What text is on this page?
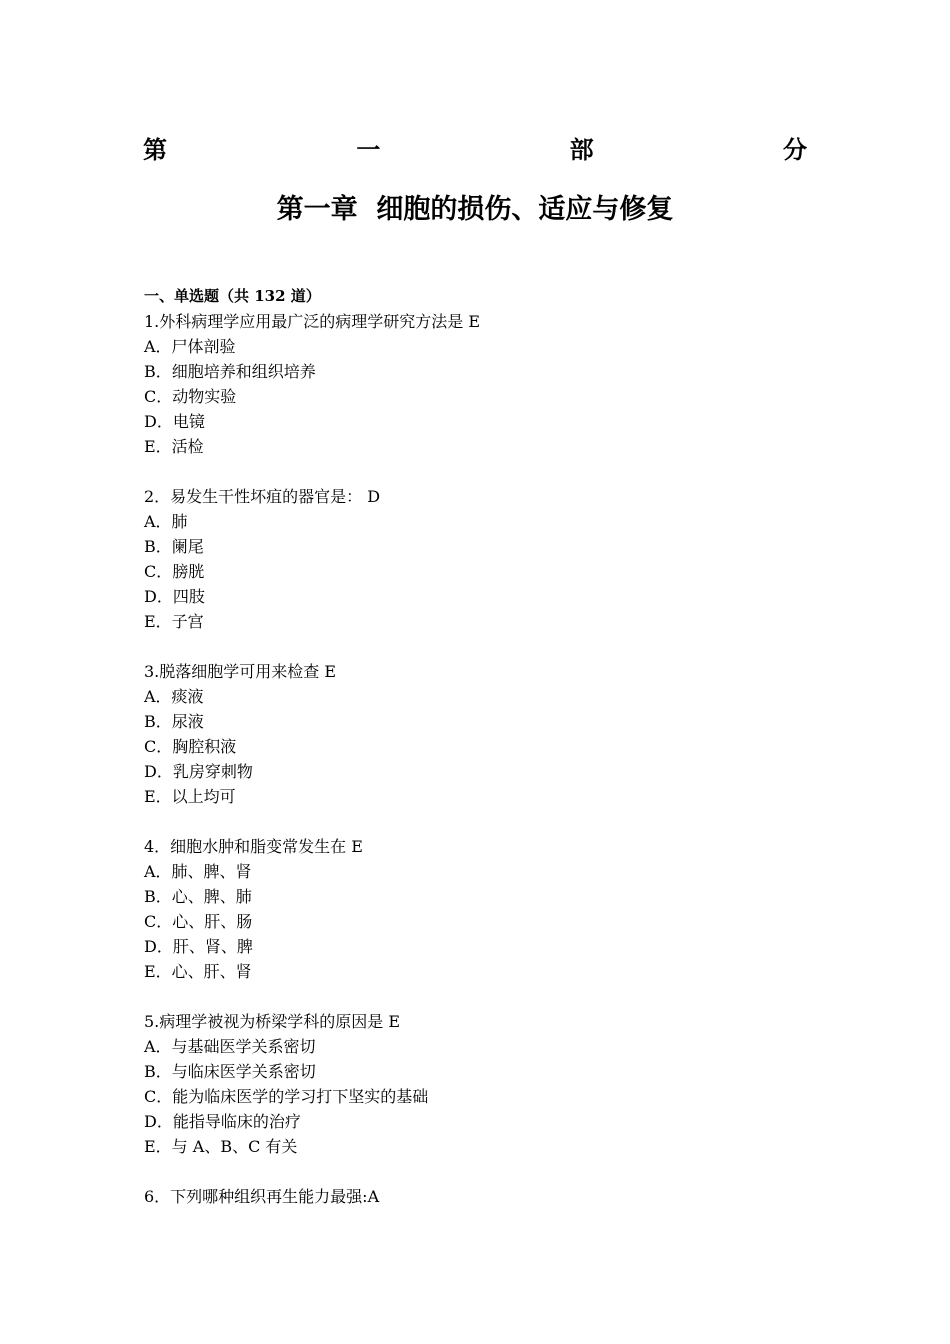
第	一	部	分
第一章  细胞的损伤、适应与修复
一、单选题（共 132 道）
1.外科病理学应用最广泛的病理学研究方法是 E
A．尸体剖验
B．细胞培养和组织培养
C．动物实验
D．电镜
E．活检
2．易发生干性坏疽的器官是： D
A．肺
B．阑尾
C．膀胱
D．四肢
E．子宫
3.脱落细胞学可用来检查 E
A．痰液
B．尿液
C．胸腔积液
D．乳房穿刺物
E．以上均可
4．细胞水肿和脂变常发生在 E
A．肺、脾、肾
B．心、脾、肺
C．心、肝、肠
D．肝、肾、脾
E．心、肝、肾
5.病理学被视为桥梁学科的原因是 E
A．与基础医学关系密切
B．与临床医学关系密切
C．能为临床医学的学习打下坚实的基础
D．能指导临床的治疗
E．与 A、B、C 有关
6．下列哪种组织再生能力最强:A
